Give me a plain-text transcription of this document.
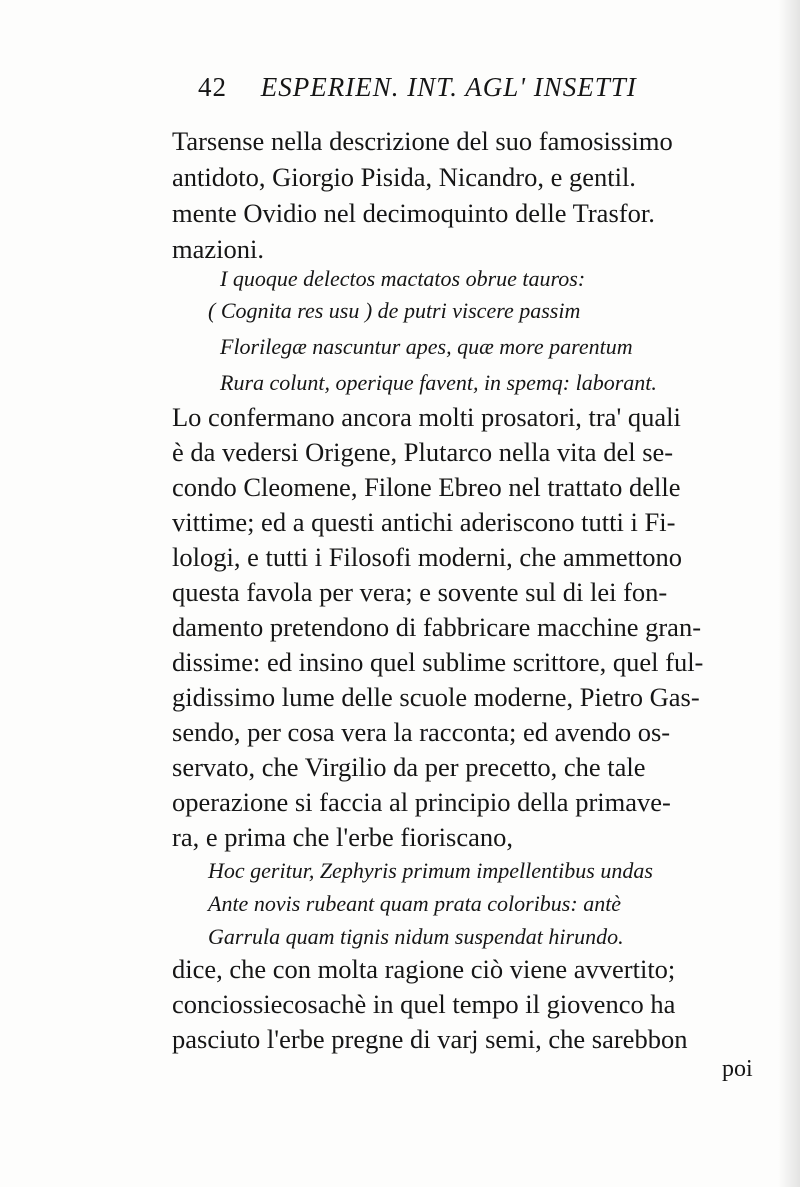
42 ESPERIEN. INT. AGL' INSETTI
Tarsense nella descrizione del suo famosissimo
antidoto, Giorgio Pisida, Nicandro, e gentil.
mente Ovidio nel decimoquinto delle Trasfor.
mazioni.
I quoque delectos mactatos obrue tauros:
( Cognita res usu ) de putri viscere passim
Florilegæ nascuntur apes, quæ more parentum
Rura colunt, operique favent, in spemq: laborant.
Lo confermano ancora molti prosatori, tra' quali
è da vedersi Origene, Plutarco nella vita del se-
condo Cleomene, Filone Ebreo nel trattato delle
vittime; ed a questi antichi aderiscono tutti i Fi-
lologi, e tutti i Filosofi moderni, che ammettono
questa favola per vera; e sovente sul di lei fon-
damento pretendono di fabbricare macchine gran-
dissime: ed insino quel sublime scrittore, quel ful-
gidissimo lume delle scuole moderne, Pietro Gas-
sendo, per cosa vera la racconta; ed avendo os-
servato, che Virgilio da per precetto, che tale
operazione si faccia al principio della primave-
ra, e prima che l'erbe fioriscano,
Hoc geritur, Zephyris primum impellentibus undas
Ante novis rubeant quam prata coloribus: antè
Garrula quam tignis nidum suspendat hirundo.
dice, che con molta ragione ciò viene avvertito;
conciossiecosachè in quel tempo il giovenco ha
pasciuto l'erbe pregne di varj semi, che sarebbon
poi
